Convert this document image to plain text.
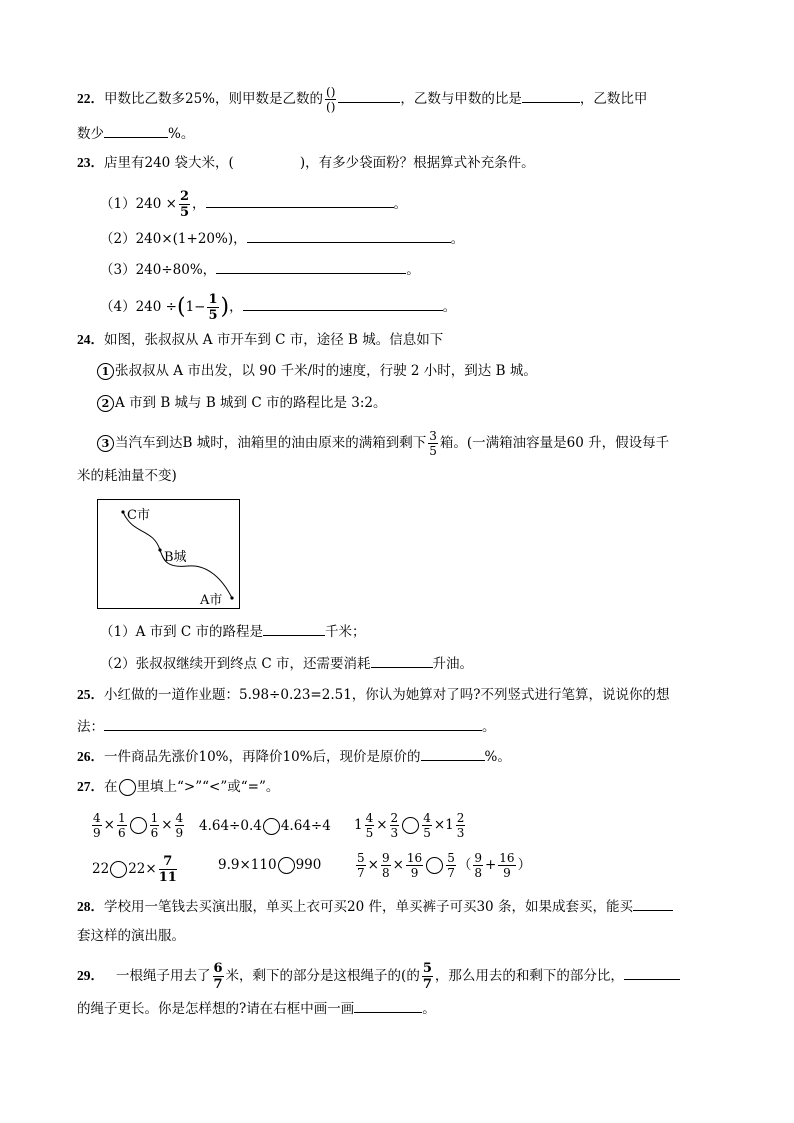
22．甲数比乙数多25%，则甲数是乙数的 $\frac{()}{()}$	，乙数与甲数的比是	，乙数比甲
数少	%。
23．店里有240 袋大米，(	)，有多少袋面粉？根据算式补充条件。
$(1)240 \times \frac{2}{5}$ ，	。
（2）240×(1+20%)，	。
（3）240÷80%，	。
$(4)240 \div(1- \frac{1}{5}$ )，	。
24．如图，张叔叔从 A 市开车到 C 市，途径 B 城。信息如下
1 张叔叔从 A 市出发，以 90 千米/时的速度，行驶 2 小时，到达 B 城。
2 A 市到 B 城与 B 城到 C 市的路程比是 3:2。
3 当汽车到达B 城时，油箱里的油由原来的满箱到剩下 $\frac{3}{5}$ 箱。(一满箱油容量是60 升，假设每千
米的耗油量不变)
C市
B城
A市
（1）A 市到 C 市的路程是	千米；
（2）张叔叔继续开到终点 C 市，还需要消耗	升油。
25．小红做的一道作业题：5.98÷0.23=2.51，你认为她算对了吗?不列竖式进行笔算，说说你的想
法：	。
26．一件商品先涨价10%，再降价10%后，现价是原价的	%。
27．在 里填上“>”“<”或“=”。
$\frac{4}{9} \times \frac{1}{6} \frac{1}{6} \times \frac{4}{9} 4.64\div 0.4$ 4.64÷4 $1 \frac{4}{5} \times \frac{2}{3} \frac{4}{5} \times 1 \frac{2}{3}$
22 $22\times \frac{7}{11}$	9.9×110 990	$\frac{5}{7} \times \frac{9}{8} \times \frac{16}{9} \frac{5}{7}$ （ $\frac{9}{8} + \frac{16}{9}$ ）
28．学校用一笔钱去买演出服，单买上衣可买20 件，单买裤子可买30 条，如果成套买，能买
套这样的演出服。
29． 一根绳子用去了 $\frac{6}{7}$ 米，剩下的部分是这根绳子的(的 $\frac{5}{7}$ ，那么用去的和剩下的部分比，
的绳子更长。你是怎样想的?请在右框中画一画	。
